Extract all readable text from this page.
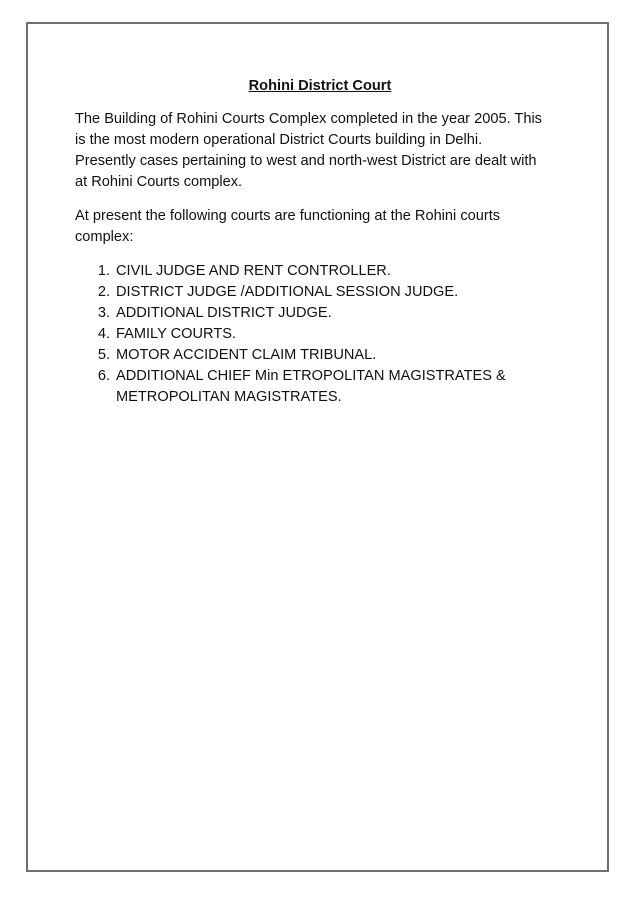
Rohini District Court

The Building of Rohini Courts Complex completed in the year 2005. This
is the most modern operational District Courts building in Delhi.
Presently cases pertaining to west and north-west District are dealt with
at Rohini Courts complex.

At present the following courts are functioning at the Rohini courts
complex:

1. CIVIL JUDGE AND RENT CONTROLLER.
2. DISTRICT JUDGE /ADDITIONAL SESSION JUDGE.
3. ADDITIONAL DISTRICT JUDGE.
4. FAMILY COURTS.
5. MOTOR ACCIDENT CLAIM TRIBUNAL.
6. ADDITIONAL CHIEF Min ETROPOLITAN MAGISTRATES &
METROPOLITAN MAGISTRATES.
